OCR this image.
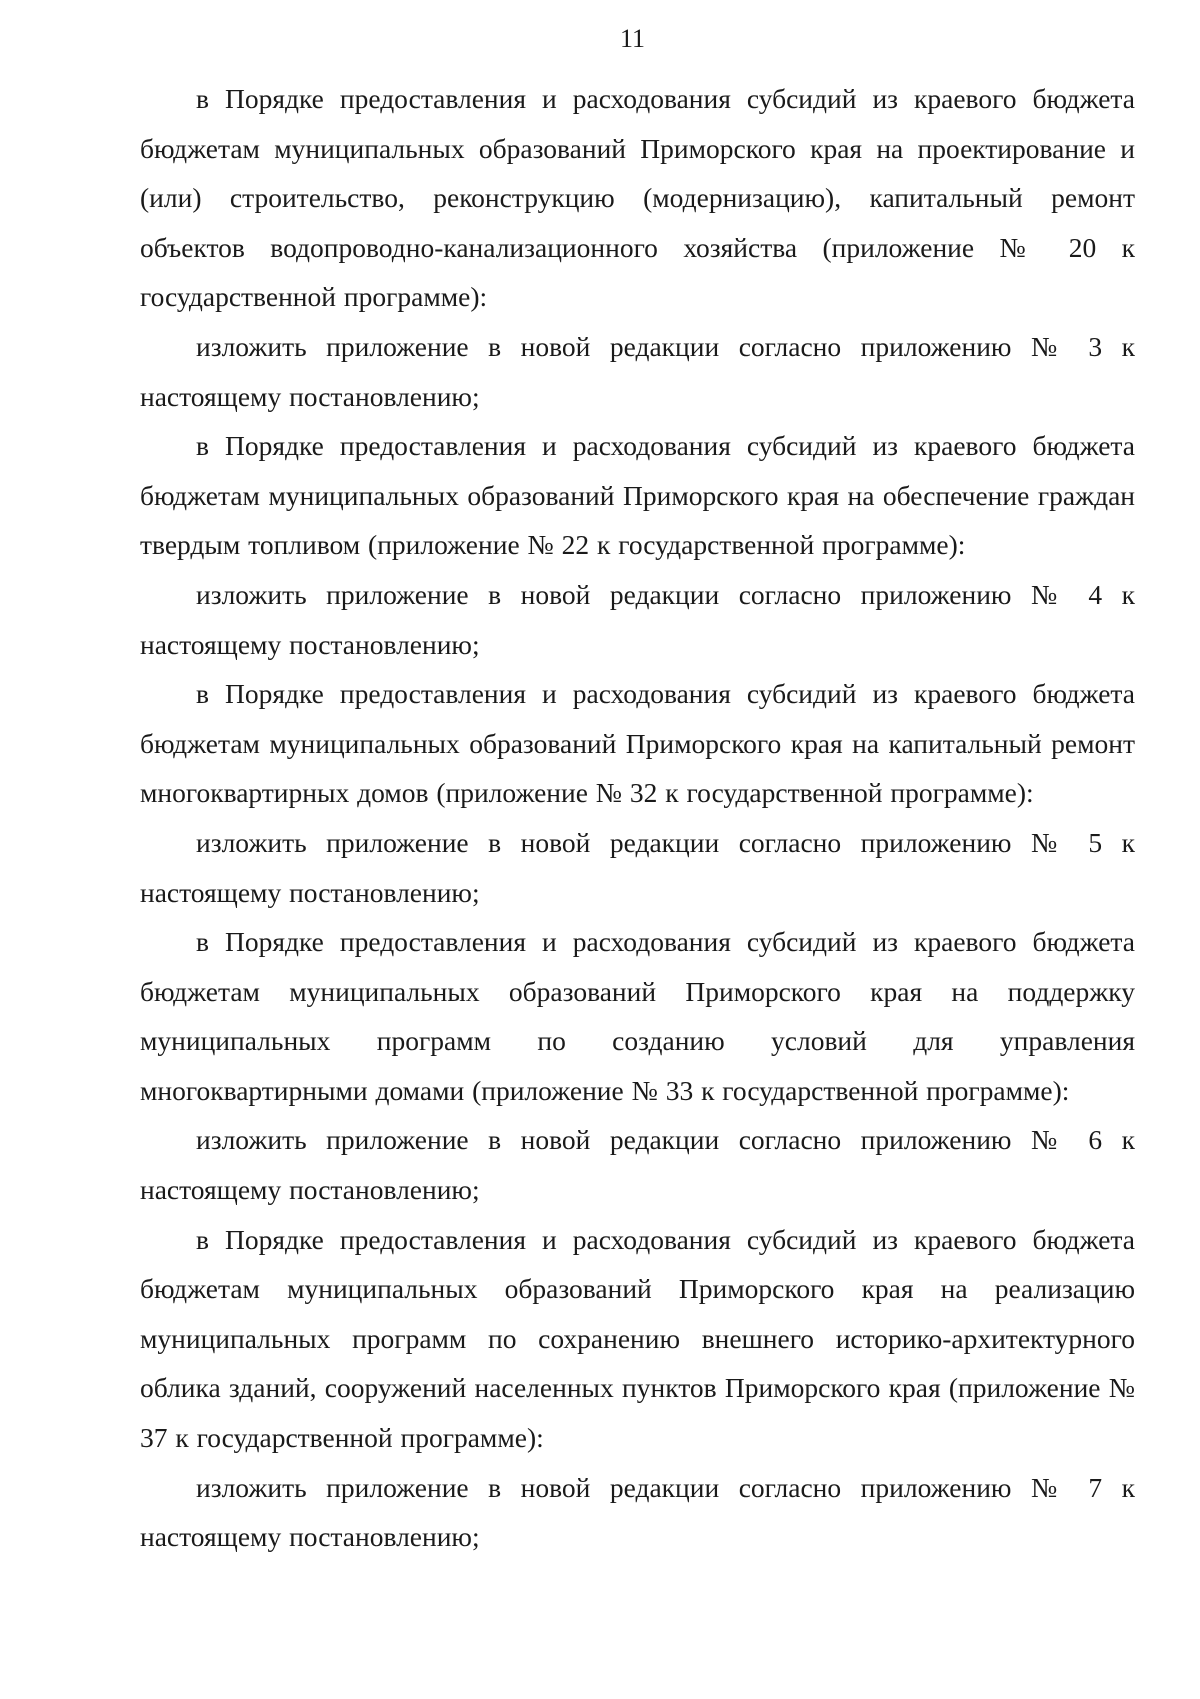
11

в Порядке предоставления и расходования субсидий из краевого бюджета бюджетам муниципальных образований Приморского края на проектирование и (или) строительство, реконструкцию (модернизацию), капитальный ремонт объектов водопроводно-канализационного хозяйства (приложение № 20 к государственной программе):

изложить приложение в новой редакции согласно приложению № 3 к настоящему постановлению;

в Порядке предоставления и расходования субсидий из краевого бюджета бюджетам муниципальных образований Приморского края на обеспечение граждан твердым топливом (приложение № 22 к государственной программе):

изложить приложение в новой редакции согласно приложению № 4 к настоящему постановлению;

в Порядке предоставления и расходования субсидий из краевого бюджета бюджетам муниципальных образований Приморского края на капитальный ремонт многоквартирных домов (приложение № 32 к государственной программе):

изложить приложение в новой редакции согласно приложению № 5 к настоящему постановлению;

в Порядке предоставления и расходования субсидий из краевого бюджета бюджетам муниципальных образований Приморского края на поддержку муниципальных программ по созданию условий для управления многоквартирными домами (приложение № 33 к государственной программе):

изложить приложение в новой редакции согласно приложению № 6 к настоящему постановлению;

в Порядке предоставления и расходования субсидий из краевого бюджета бюджетам муниципальных образований Приморского края на реализацию муниципальных программ по сохранению внешнего историко-архитектурного облика зданий, сооружений населенных пунктов Приморского края (приложение № 37 к государственной программе):

изложить приложение в новой редакции согласно приложению № 7 к настоящему постановлению;
